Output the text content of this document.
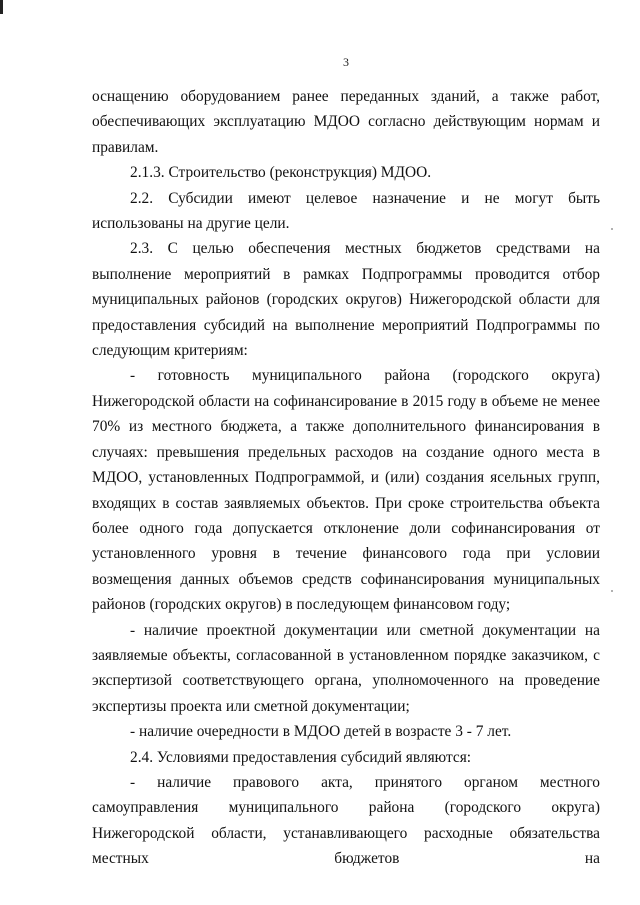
3

оснащению оборудованием ранее переданных зданий, а также работ, обеспечивающих эксплуатацию МДОО согласно действующим нормам и правилам.

2.1.3. Строительство (реконструкция) МДОО.

2.2. Субсидии имеют целевое назначение и не могут быть использованы на другие цели.

2.3. С целью обеспечения местных бюджетов средствами на выполнение мероприятий в рамках Подпрограммы проводится отбор муниципальных районов (городских округов) Нижегородской области для предоставления субсидий на выполнение мероприятий Подпрограммы по следующим критериям:

- готовность муниципального района (городского округа) Нижегородской области на софинансирование в 2015 году в объеме не менее 70% из местного бюджета, а также дополнительного финансирования в случаях: превышения предельных расходов на создание одного места в МДОО, установленных Подпрограммой, и (или) создания ясельных групп, входящих в состав заявляемых объектов. При сроке строительства объекта более одного года допускается отклонение доли софинансирования от установленного уровня в течение финансового года при условии возмещения данных объемов средств софинансирования муниципальных районов (городских округов) в последующем финансовом году;

- наличие проектной документации или сметной документации на заявляемые объекты, согласованной в установленном порядке заказчиком, с экспертизой соответствующего органа, уполномоченного на проведение экспертизы проекта или сметной документации;

- наличие очередности в МДОО детей в возрасте 3 - 7 лет.

2.4. Условиями предоставления субсидий являются:

- наличие правового акта, принятого органом местного самоуправления муниципального района (городского округа) Нижегородской области, устанавливающего расходные обязательства местных бюджетов на
